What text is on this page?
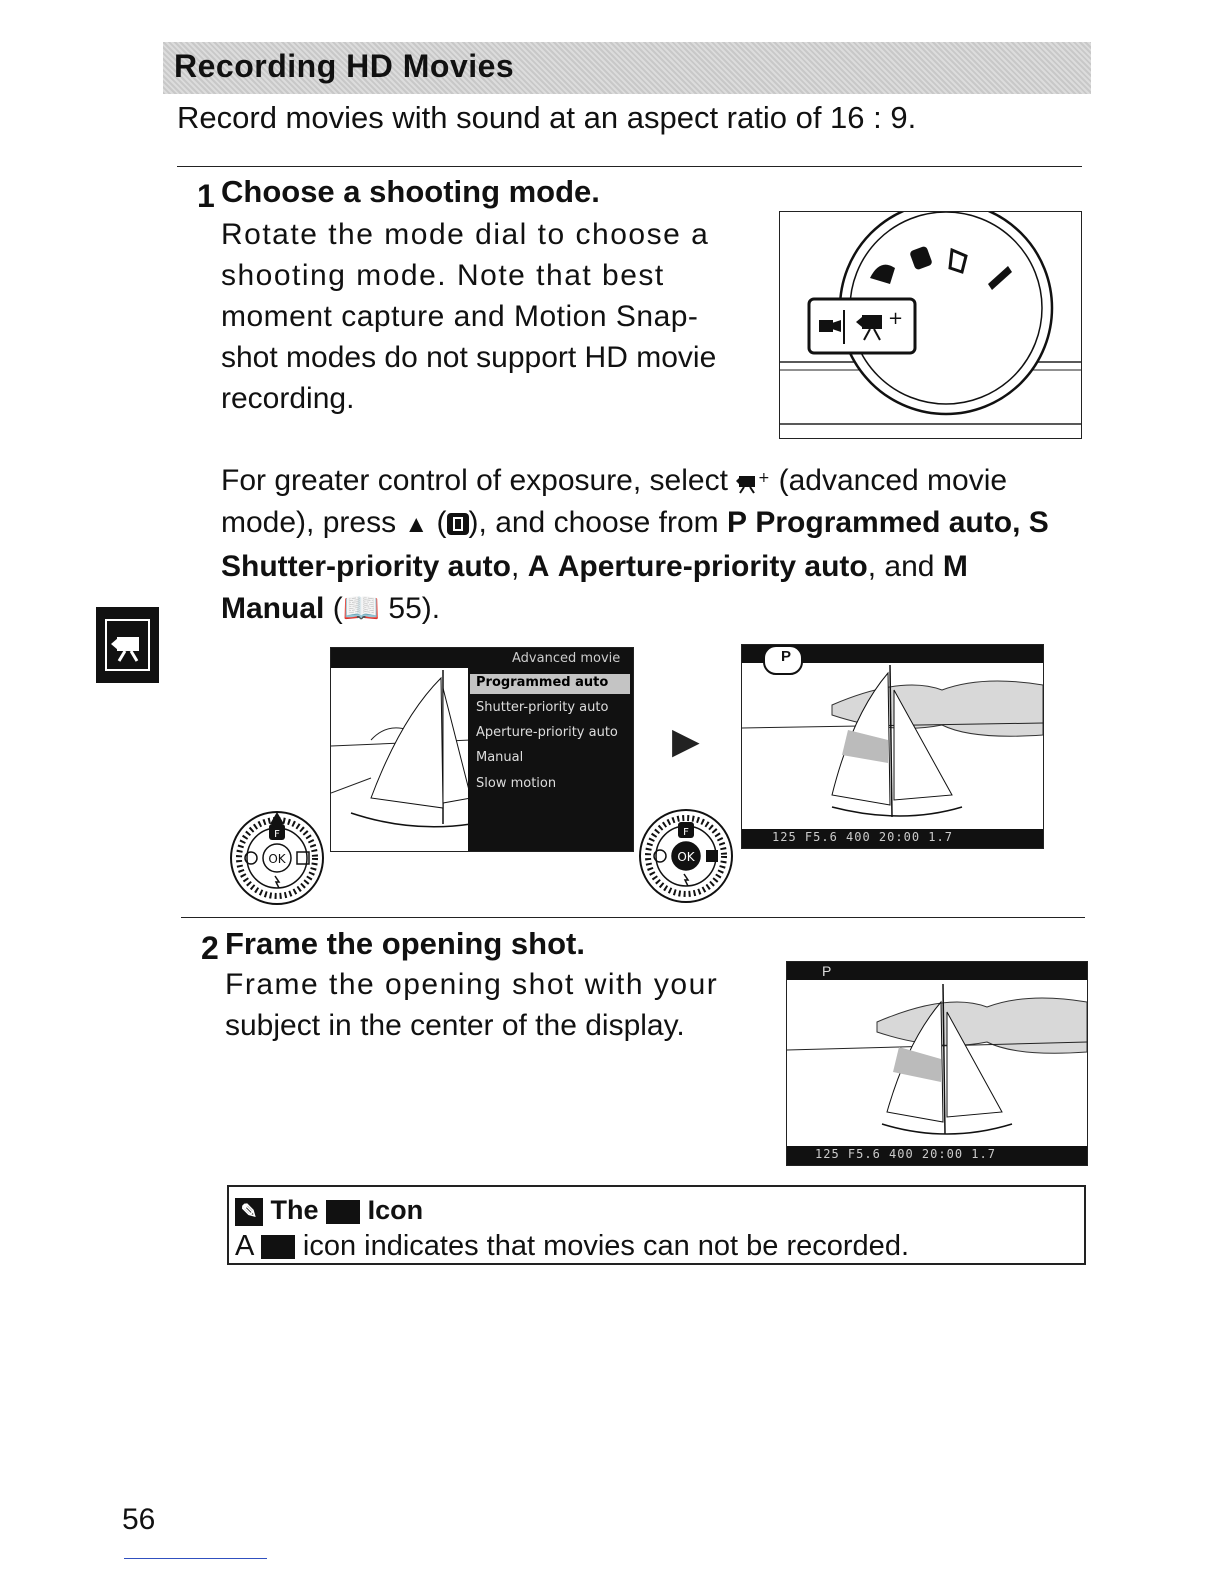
Recording HD Movies
Record movies with sound at an aspect ratio of 16 : 9.
1 Choose a shooting mode.
Rotate the mode dial to choose a
shooting mode. Note that best
moment capture and Motion Snap-
shot modes do not support HD movie
recording.
+
For greater control of exposure, select + (advanced movie
mode), press ▲ ( ), and choose from P Programmed auto, S
Shutter-priority auto, A Aperture-priority auto, and M
Manual (📖 55).
Advanced movie
Programmed auto
Shutter-priority auto
Aperture-priority auto
Manual
Slow motion
OK
F
▶
OK
F
P
125 F5.6 400 20:00 1.7
2 Frame the opening shot.
Frame the opening shot with your
subject in the center of the display.
P
125 F5.6 400 20:00 1.7
✎ The Icon
A icon indicates that movies can not be recorded.
56
